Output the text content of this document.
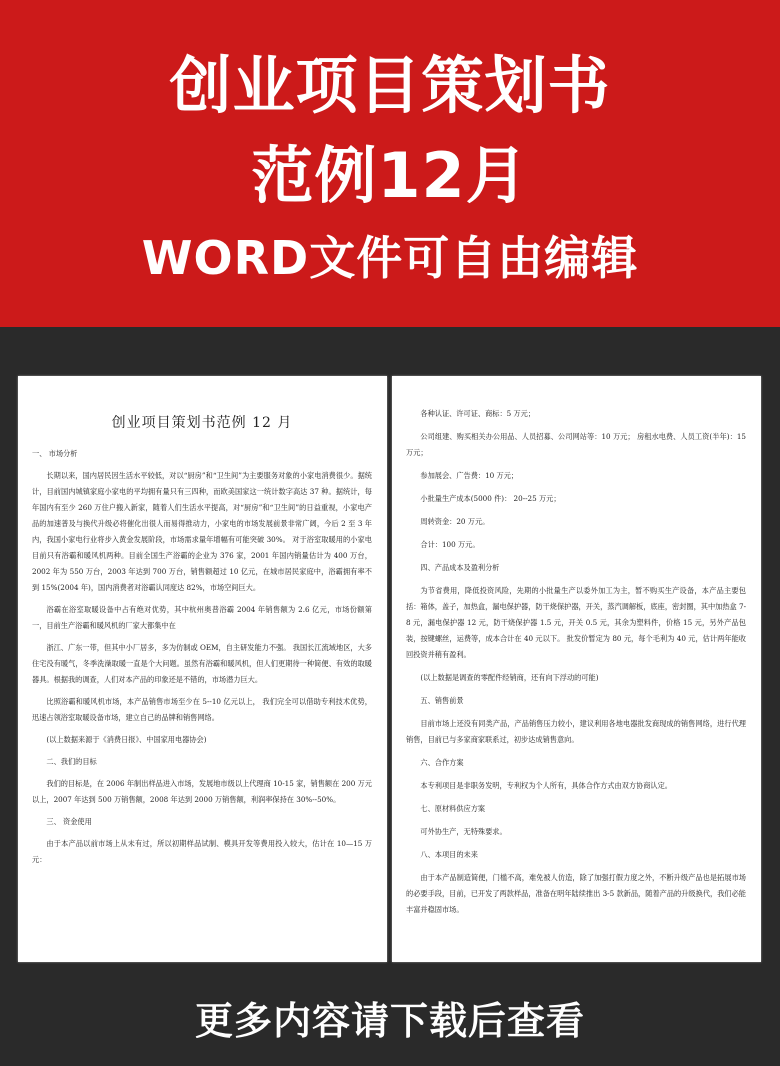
创业项目策划书
范例12月
WORD文件可自由编辑
创业项目策划书范例 12 月

一、 市场分析

长期以来，国内居民因生活水平较低，对以“厨房”和“卫生间”为主要服务对象的小家电消费很少。据统计，目前国内城镇家庭小家电的平均拥有量只有三四种，而欧美国家这一统计数字高达 37 种。据统计，每年国内有至少 260 万住户搬入新家，随着人们生活水平提高，对“厨房”和“卫生间”的日益重视，小家电产品的加速普及与换代升级必将催化出很人而易得推动力，小家电的市场发展前景非常广阔，今后 2 至 3 年内，我国小家电行业将步入黄金发展阶段，市场需求量年增幅有可能突破 30%。 对于浴室取暖用的小家电目前只有浴霸和暖风机两种。目前全国生产浴霸的企业为 376 家，2001 年国内销量估计为 400 万台，2002 年为 550 万台，2003 年达到 700 万台，销售额超过 10 亿元，在城市居民家庭中，浴霸拥有率不到 15%(2004 年)，国内消费者对浴霸认同度达 82%，市场空间巨大。

浴霸在浴室取暖设备中占有绝对优势，其中杭州奥普浴霸 2004 年销售额为 2.6 亿元，市场份额第一，目前生产浴霸和暖风机的厂家大都集中在

浙江、广东一带，但其中小厂居多，多为仿制或 OEM，自主研发能力不强。 我国长江流域地区，大多住宅没有暖气，冬季洗澡取暖一直是个大问题。虽然有浴霸和暖风机，但人们更期待一种简便、有效的取暖器具。根据我的调查，人们对本产品的印象还是不错的，市场潜力巨大。

比照浴霸和暖风机市场，本产品销售市场至少在 5--10 亿元以上， 我们完全可以借助专利技术优势，迅速占领浴室取暖设备市场，建立自己的品牌和销售网络。

(以上数据来源于《消费日报》、中国家用电器协会)

二、我们的目标

我们的目标是，在 2006 年制出样品进入市场，发展地市级以上代理商 10-15 家，销售额在 200 万元以上，2007 年达到 500 万销售额，2008 年达到 2000 万销售额，利润率保持在 30%--50%。

三、 资金使用

由于本产品以前市场上从未有过，所以初期样品试制、模具开发等费用投入较大，估计在 10—15 万元：

各种认证、许可证、商标：5 万元；

公司组建、购买相关办公用品、人员招募、公司网站等：10 万元； 房租水电费、人员工资(半年)：15 万元；

参加展会、广告费：10 万元；

小批量生产成本(5000 件)： 20--25 万元；

周转资金：20 万元。

合计：100 万元。

四、产品成本及盈利分析

为节省费用，降低投资风险，先期的小批量生产以委外加工为主，暂不购买生产设备，本产品主要包括：箱体，盖子，加热盒，漏电保护器，防干烧保护器，开关，蒸汽调解板，底座，密封圈，其中加热盒 7-8 元，漏电保护器 12 元，防干烧保护器 1.5 元，开关 0.5 元，其余为塑料件，价格 15 元，另外产品包装，按键螺丝，运费等，成本合计在 40 元以下。 批发价暂定为 80 元，每个毛利为 40 元，估计两年能收回投资并稍有盈利。

(以上数据是调查的零配件经销商，还有向下浮动的可能)

五、销售前景

目前市场上还没有同类产品，产品销售压力较小，建议利用各地电器批发商现成的销售网络，进行代理销售，目前已与多家商家联系过，初步达成销售意向。

六、合作方案

本专利项目是非职务发明，专利权为个人所有，具体合作方式由双方协商认定。

七、原材料供应方案

可外协生产，无特殊要求。

八、本项目的未来

由于本产品制造简便，门槛不高，难免被人仿造，除了加强打假力度之外，不断升级产品也是拓展市场的必要手段，目前，已开发了两款样品，准备在明年陆续推出 3-5 款新品，随着产品的升级换代，我们必能丰富并稳固市场。

更多内容请下载后查看
